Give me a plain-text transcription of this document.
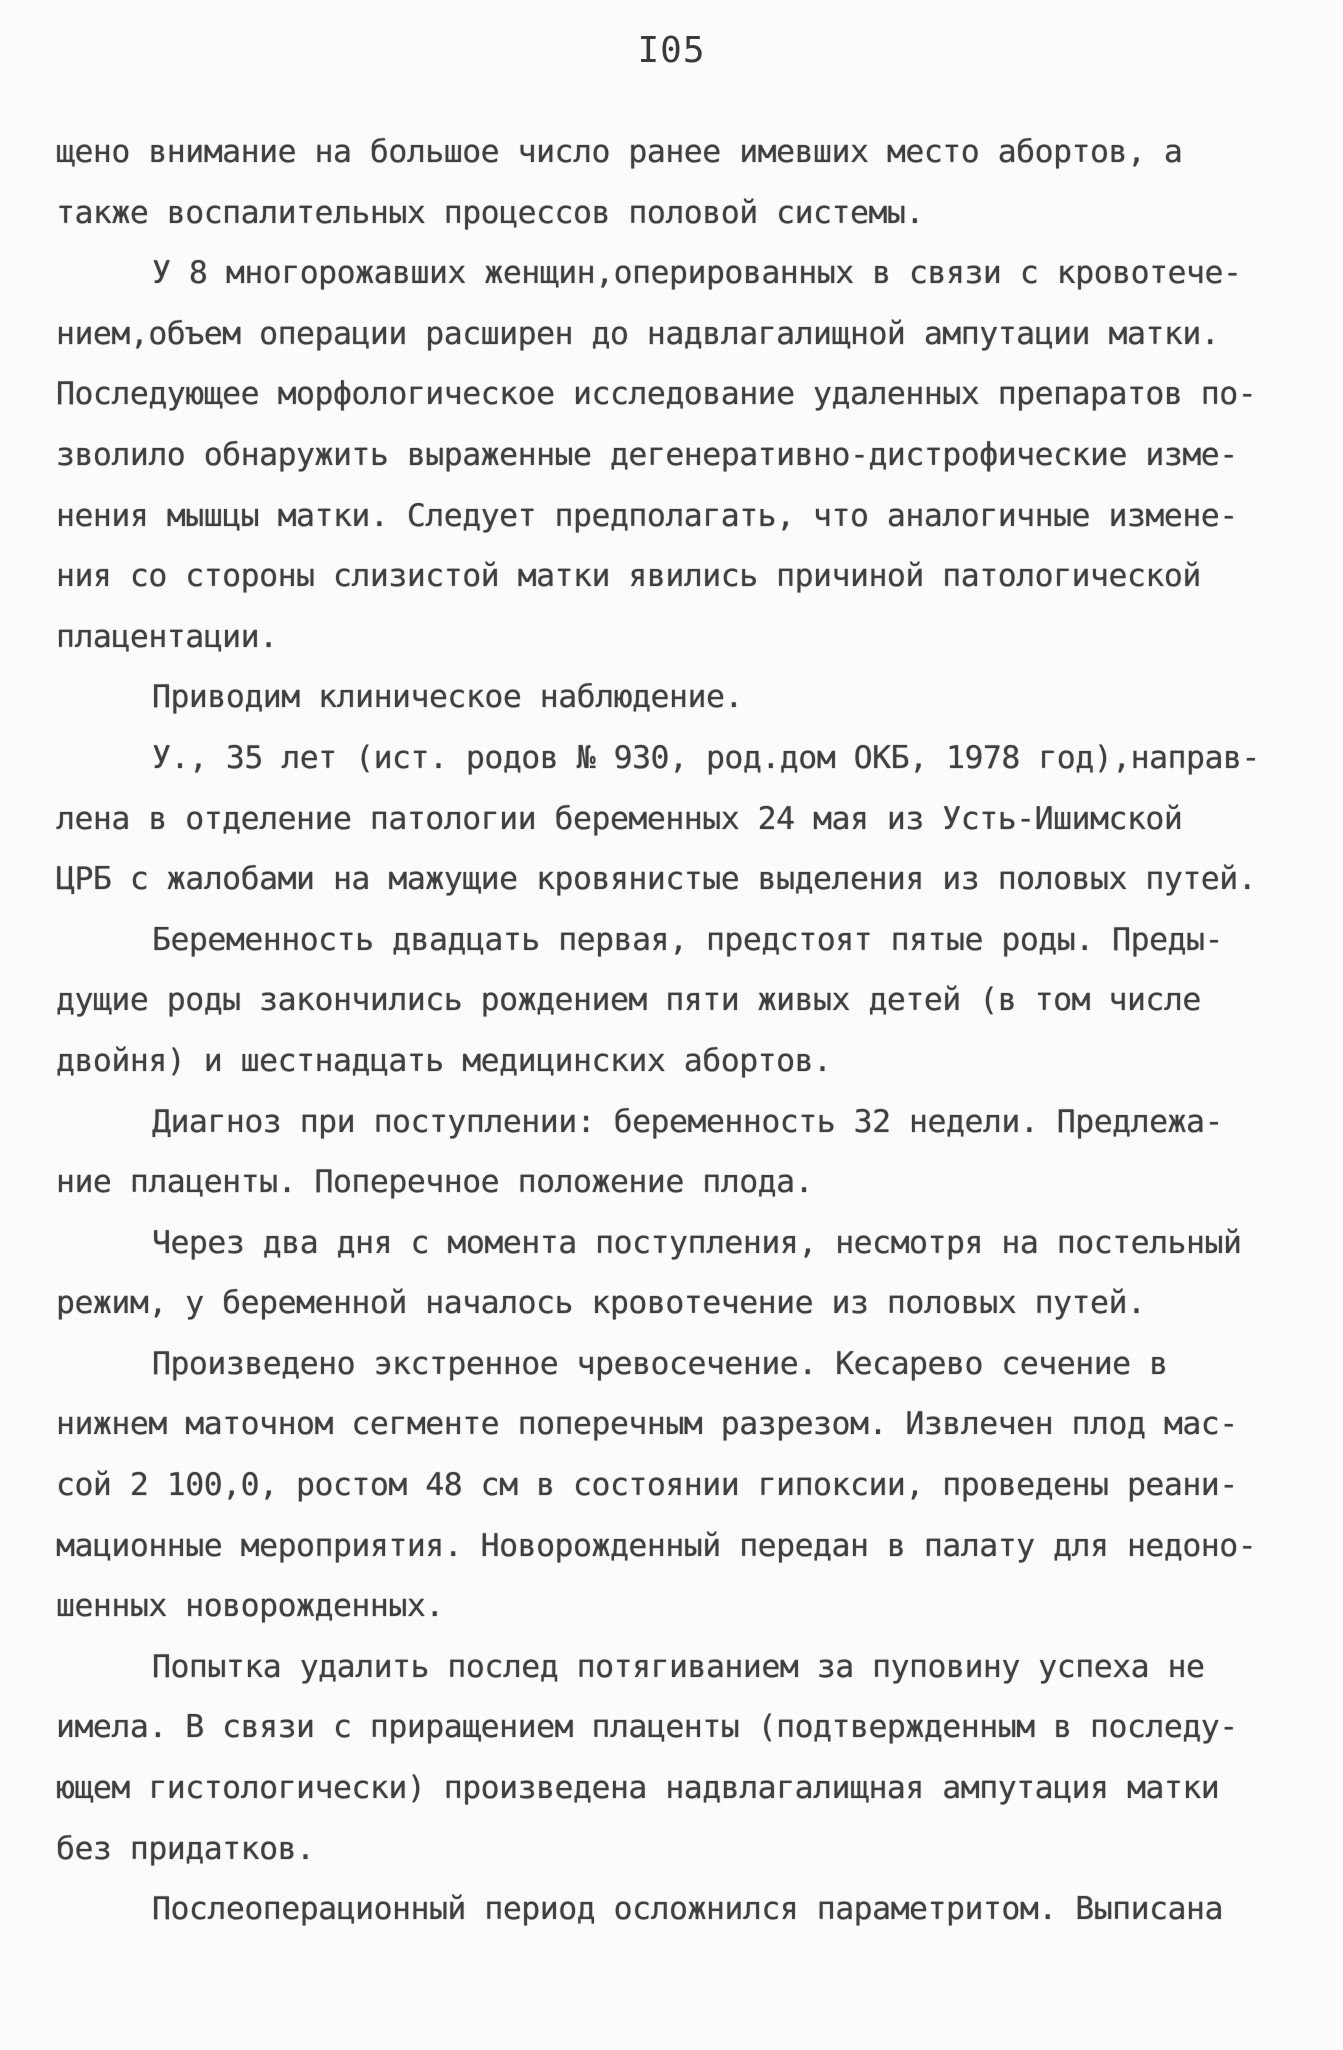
I05
щено внимание на большое число ранее имевших место абортов, а
также воспалительных процессов половой системы.
У 8 многорожавших женщин,оперированных в связи с кровотече-
нием,объем операции расширен до надвлагалищной ампутации матки.
Последующее морфологическое исследование удаленных препаратов по-
зволило обнаружить выраженные дегенеративно-дистрофические изме-
нения мышцы матки. Следует предполагать, что аналогичные изменe-
ния со стороны слизистой матки явились причиной патологической
плацентации.
Приводим клиническое наблюдение.
У., 35 лет (ист. родов № 930, род.дом ОКБ, 1978 год),направ-
лена в отделение патологии беременных 24 мая из Усть-Ишимской
ЦРБ с жалобами на мажущие кровянистые выделения из половых путей.
Беременность двадцать первая, предстоят пятые роды. Преды-
дущие роды закончились рождением пяти живых детей (в том числе
двойня) и шестнадцать медицинских абортов.
Диагноз при поступлении: беременность 32 недели. Предлежа-
ние плаценты. Поперечное положение плода.
Через два дня с момента поступления, несмотря на постельный
режим, у беременной началось кровотечение из половых путей.
Произведено экстренное чревосечение. Кесарево сечение в
нижнем маточном сегменте поперечным разрезом. Извлечен плод мас-
сой 2 100,0, ростом 48 см в состоянии гипоксии, проведены реани-
мационные мероприятия. Новорожденный передан в палату для недоно-
шенных новорожденных.
Попытка удалить послед потягиванием за пуповину успеха не
имела. В связи с приращением плаценты (подтвержденным в последу-
ющем гистологически) произведена надвлагалищная ампутация матки
без придатков.
Послеоперационный период осложнился параметритом. Выписана
